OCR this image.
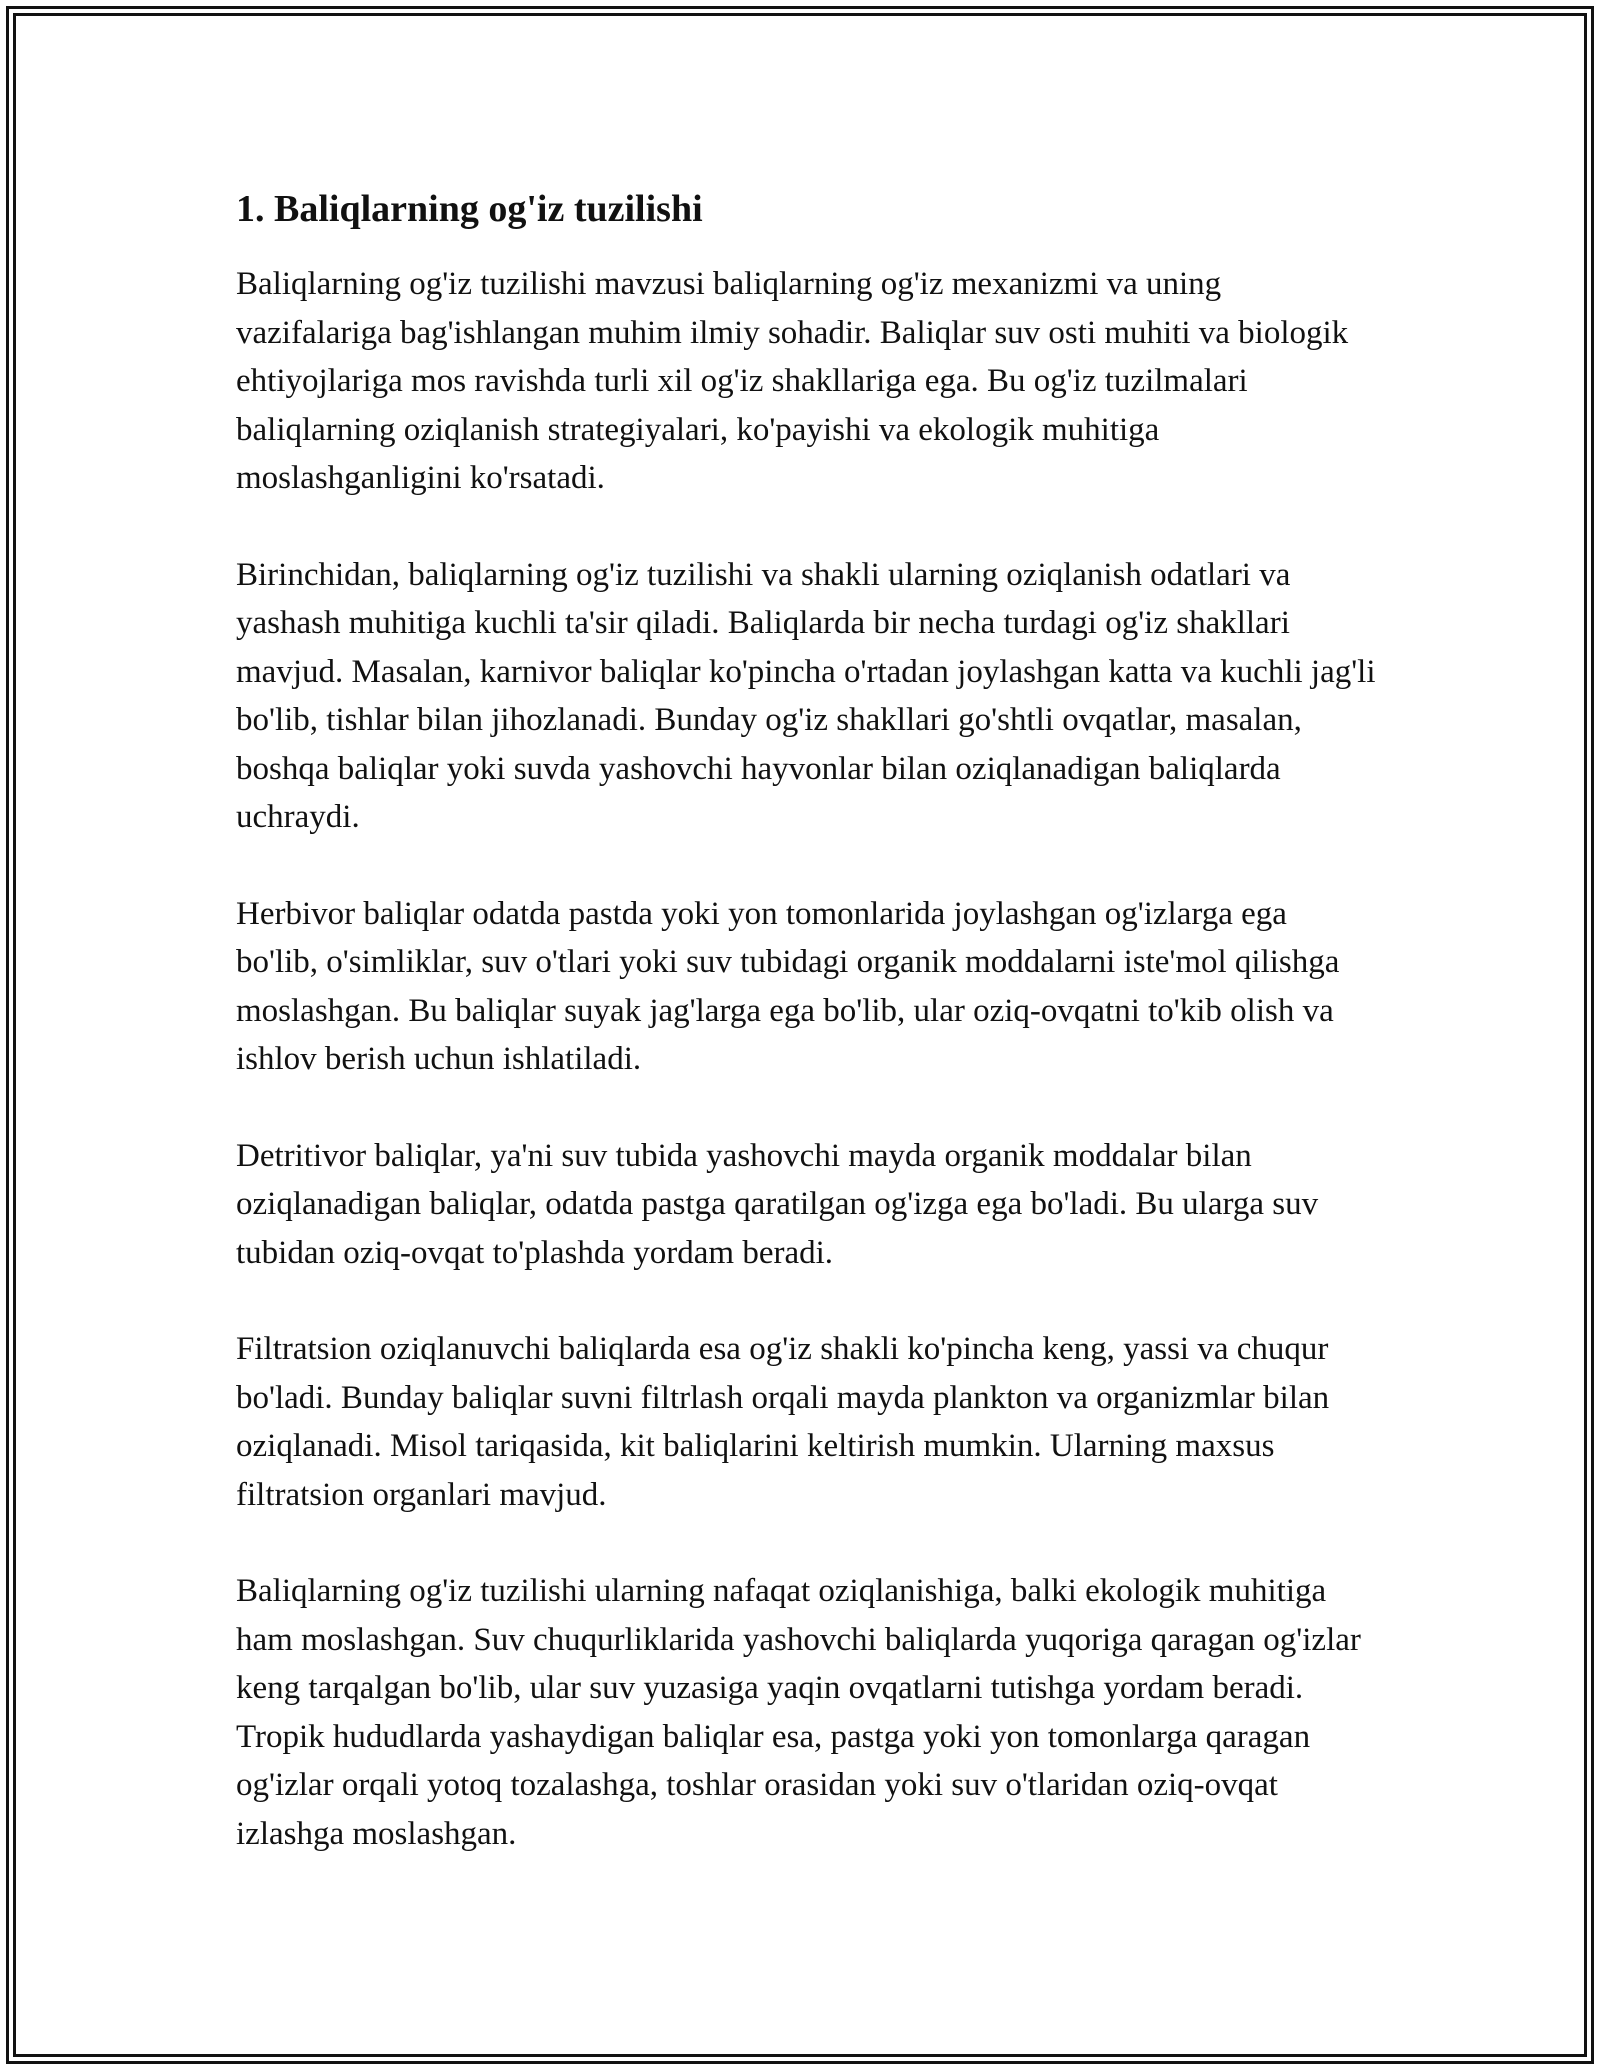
1. Baliqlarning og'iz tuzilishi

Baliqlarning og'iz tuzilishi mavzusi baliqlarning og'iz mexanizmi va uning vazifalariga bag'ishlangan muhim ilmiy sohadir. Baliqlar suv osti muhiti va biologik ehtiyojlariga mos ravishda turli xil og'iz shakllariga ega. Bu og'iz tuzilmalari baliqlarning oziqlanish strategiyalari, ko'payishi va ekologik muhitiga moslashganligini ko'rsatadi.

Birinchidan, baliqlarning og'iz tuzilishi va shakli ularning oziqlanish odatlari va yashash muhitiga kuchli ta'sir qiladi. Baliqlarda bir necha turdagi og'iz shakllari mavjud. Masalan, karnivor baliqlar ko'pincha o'rtadan joylashgan katta va kuchli jag'li bo'lib, tishlar bilan jihozlanadi. Bunday og'iz shakllari go'shtli ovqatlar, masalan, boshqa baliqlar yoki suvda yashovchi hayvonlar bilan oziqlanadigan baliqlarda uchraydi.

Herbivor baliqlar odatda pastda yoki yon tomonlarida joylashgan og'izlarga ega bo'lib, o'simliklar, suv o'tlari yoki suv tubidagi organik moddalarni iste'mol qilishga moslashgan. Bu baliqlar suyak jag'larga ega bo'lib, ular oziq-ovqatni to'kib olish va ishlov berish uchun ishlatiladi.

Detritivor baliqlar, ya'ni suv tubida yashovchi mayda organik moddalar bilan oziqlanadigan baliqlar, odatda pastga qaratilgan og'izga ega bo'ladi. Bu ularga suv tubidan oziq-ovqat to'plashda yordam beradi.

Filtratsion oziqlanuvchi baliqlarda esa og'iz shakli ko'pincha keng, yassi va chuqur bo'ladi. Bunday baliqlar suvni filtrlash orqali mayda plankton va organizmlar bilan oziqlanadi. Misol tariqasida, kit baliqlarini keltirish mumkin. Ularning maxsus filtratsion organlari mavjud.

Baliqlarning og'iz tuzilishi ularning nafaqat oziqlanishiga, balki ekologik muhitiga ham moslashgan. Suv chuqurliklarida yashovchi baliqlarda yuqoriga qaragan og'izlar keng tarqalgan bo'lib, ular suv yuzasiga yaqin ovqatlarni tutishga yordam beradi. Tropik hududlarda yashaydigan baliqlar esa, pastga yoki yon tomonlarga qaragan og'izlar orqali yotoq tozalashga, toshlar orasidan yoki suv o'tlaridan oziq-ovqat izlashga moslashgan.
